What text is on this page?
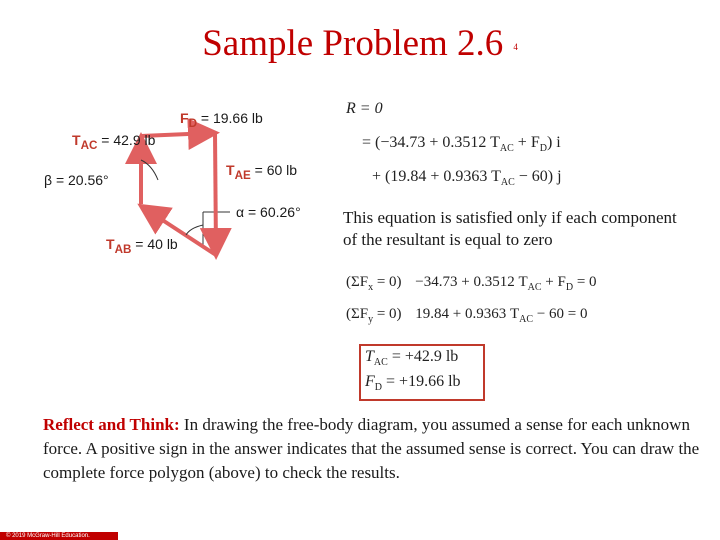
Sample Problem 2.6 4
$F_D = 19.66$ lb
$T_{AC} = 42.9$ lb
$T_{AE} = 60$ lb
β = 20.56°
α = 60.26°
$T_{AB} = 40$ lb
R = 0
= (−34.73 + 0.3512 $T_{AC} + F_D$) i
+ (19.84 + 0.9363 $T_{AC} - 60$) j
This equation is satisfied only if each component of the resultant is equal to zero
$(\Sigma F_x = 0) -34.73 + 0.3512$ $T_{AC} + F_D = 0$
$(\Sigma F_y = 0) 19.84 + 0.9363$ $T_{AC} - 60 = 0$
$T_{AC} = +42.9$ lb
$F_D = +19.66$ lb
Reflect and Think: In drawing the free-body diagram, you assumed a sense for each unknown force. A positive sign in the answer indicates that the assumed sense is correct. You can draw the complete force polygon (above) to check the results.
© 2019 McGraw-Hill Education.
